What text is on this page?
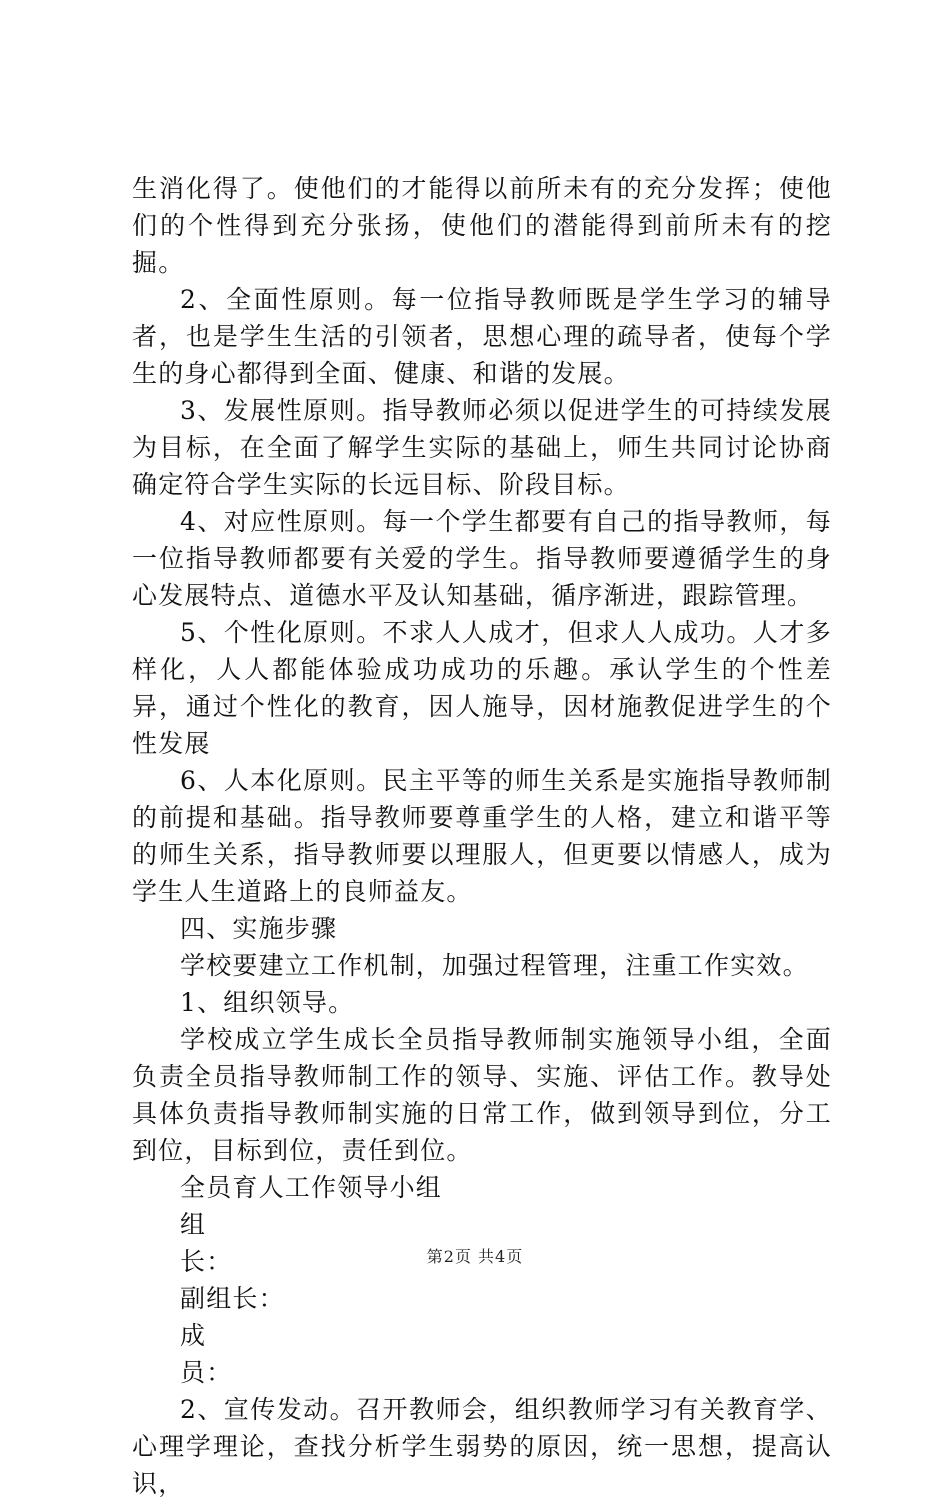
生消化得了。使他们的才能得以前所未有的充分发挥；使他们的个性得到充分张扬，使他们的潜能得到前所未有的挖掘。

2、全面性原则。每一位指导教师既是学生学习的辅导者，也是学生生活的引领者，思想心理的疏导者，使每个学生的身心都得到全面、健康、和谐的发展。

3、发展性原则。指导教师必须以促进学生的可持续发展为目标，在全面了解学生实际的基础上，师生共同讨论协商确定符合学生实际的长远目标、阶段目标。

4、对应性原则。每一个学生都要有自己的指导教师，每一位指导教师都要有关爱的学生。指导教师要遵循学生的身心发展特点、道德水平及认知基础，循序渐进，跟踪管理。

5、个性化原则。不求人人成才，但求人人成功。人才多样化，人人都能体验成功成功的乐趣。承认学生的个性差异，通过个性化的教育，因人施导，因材施教促进学生的个性发展

6、人本化原则。民主平等的师生关系是实施指导教师制的前提和基础。指导教师要尊重学生的人格，建立和谐平等的师生关系，指导教师要以理服人，但更要以情感人，成为学生人生道路上的良师益友。

四、实施步骤

学校要建立工作机制，加强过程管理，注重工作实效。

1、组织领导。

学校成立学生成长全员指导教师制实施领导小组，全面负责全员指导教师制工作的领导、实施、评估工作。教导处具体负责指导教师制实施的日常工作，做到领导到位，分工到位，目标到位，责任到位。

全员育人工作领导小组

组长：

副组长：

成员：

2、宣传发动。召开教师会，组织教师学习有关教育学、心理学理论，查找分析学生弱势的原因，统一思想，提高认识，

第2页 共4页
